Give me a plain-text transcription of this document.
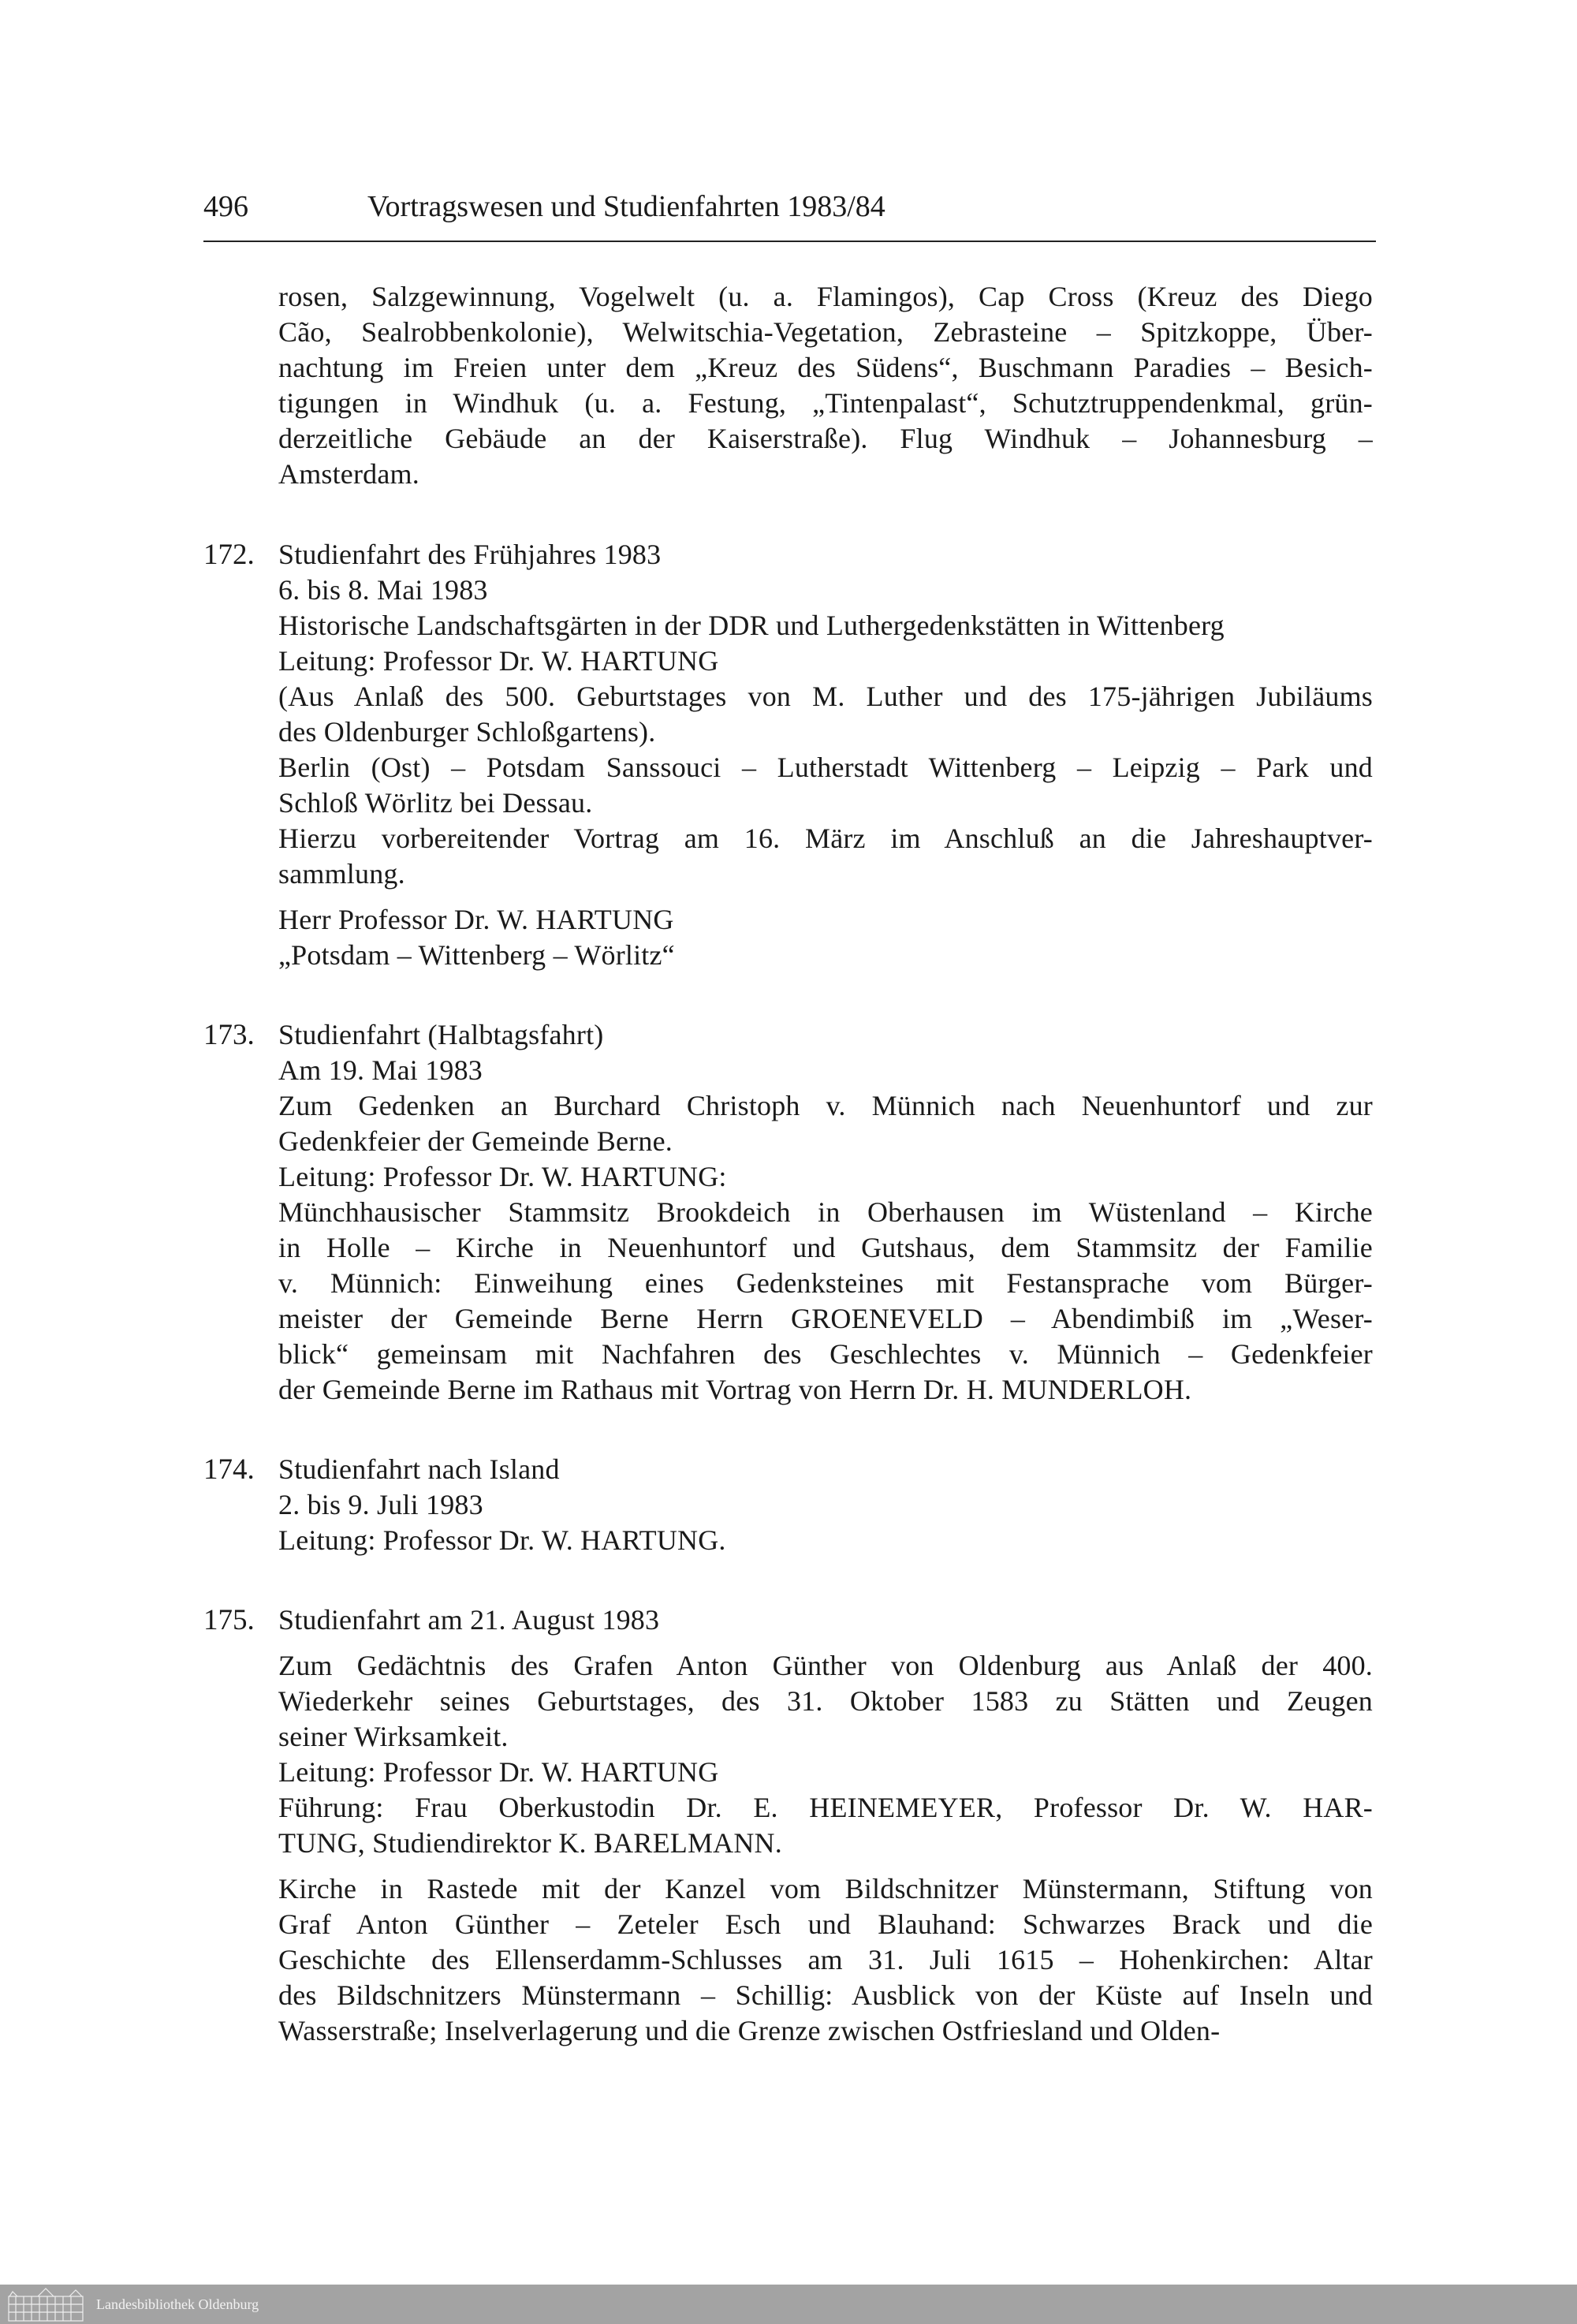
496	Vortragswesen und Studienfahrten 1983/84
rosen, Salzgewinnung, Vogelwelt (u. a. Flamingos), Cap Cross (Kreuz des Diego
Cão, Sealrobbenkolonie), Welwitschia-Vegetation, Zebrasteine – Spitzkoppe, Über-
nachtung im Freien unter dem „Kreuz des Südens“, Buschmann Paradies – Besich-
tigungen in Windhuk (u. a. Festung, „Tintenpalast“, Schutztruppendenkmal, grün-
derzeitliche Gebäude an der Kaiserstraße). Flug Windhuk – Johannesburg –
Amsterdam.
172. Studienfahrt des Frühjahres 1983
6. bis 8. Mai 1983
Historische Landschaftsgärten in der DDR und Luthergedenkstätten in Wittenberg
Leitung: Professor Dr. W. HARTUNG
(Aus Anlaß des 500. Geburtstages von M. Luther und des 175-jährigen Jubiläums
des Oldenburger Schloßgartens).
Berlin (Ost) – Potsdam Sanssouci – Lutherstadt Wittenberg – Leipzig – Park und
Schloß Wörlitz bei Dessau.
Hierzu vorbereitender Vortrag am 16. März im Anschluß an die Jahreshauptver-
sammlung.
Herr Professor Dr. W. HARTUNG
„Potsdam – Wittenberg – Wörlitz“
173. Studienfahrt (Halbtagsfahrt)
Am 19. Mai 1983
Zum Gedenken an Burchard Christoph v. Münnich nach Neuenhuntorf und zur
Gedenkfeier der Gemeinde Berne.
Leitung: Professor Dr. W. HARTUNG:
Münchhausischer Stammsitz Brookdeich in Oberhausen im Wüstenland – Kirche
in Holle – Kirche in Neuenhuntorf und Gutshaus, dem Stammsitz der Familie
v. Münnich: Einweihung eines Gedenksteines mit Festansprache vom Bürger-
meister der Gemeinde Berne Herrn GROENEVELD – Abendimbiß im „Weser-
blick“ gemeinsam mit Nachfahren des Geschlechtes v. Münnich – Gedenkfeier
der Gemeinde Berne im Rathaus mit Vortrag von Herrn Dr. H. MUNDERLOH.
174. Studienfahrt nach Island
2. bis 9. Juli 1983
Leitung: Professor Dr. W. HARTUNG.
175. Studienfahrt am 21. August 1983
Zum Gedächtnis des Grafen Anton Günther von Oldenburg aus Anlaß der 400.
Wiederkehr seines Geburtstages, des 31. Oktober 1583 zu Stätten und Zeugen
seiner Wirksamkeit.
Leitung: Professor Dr. W. HARTUNG
Führung: Frau Oberkustodin Dr. E. HEINEMEYER, Professor Dr. W. HAR-
TUNG, Studiendirektor K. BARELMANN.
Kirche in Rastede mit der Kanzel vom Bildschnitzer Münstermann, Stiftung von
Graf Anton Günther – Zeteler Esch und Blauhand: Schwarzes Brack und die
Geschichte des Ellenserdamm-Schlusses am 31. Juli 1615 – Hohenkirchen: Altar
des Bildschnitzers Münstermann – Schillig: Ausblick von der Küste auf Inseln und
Wasserstraße; Inselverlagerung und die Grenze zwischen Ostfriesland und Olden-
Landesbibliothek Oldenburg
